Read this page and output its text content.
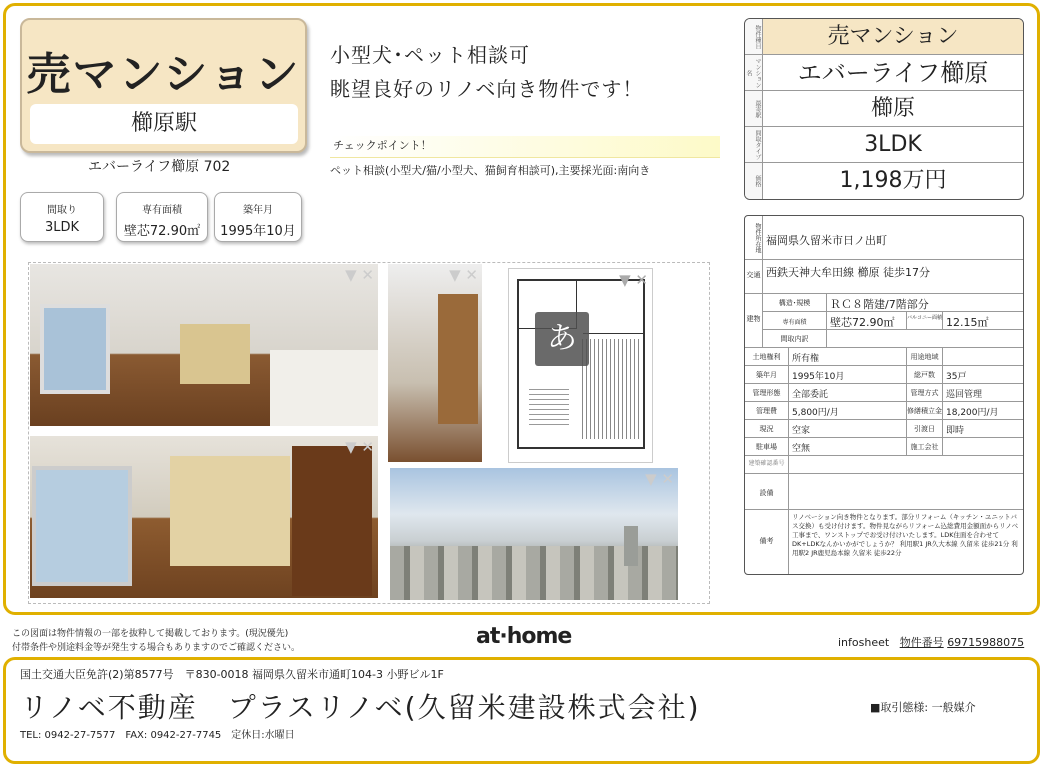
売マンション
櫛原駅
エバーライフ櫛原 702
間取り
3LDK
専有面積
壁芯72.90㎡
築年月
1995年10月
小型犬･ペット相談可
眺望良好のリノベ向き物件です！
チェックポイント！
ペット相談(小型犬/猫/小型犬、猫飼育相談可),主要採光面:南向き
▼ ✕
▼ ✕
▼ ✕	▼ ✕
あ
▼ ✕
物件種目	売マンション
マンション名	エバーライフ櫛原
最寄駅	櫛原
間取タイプ	3LDK
価格	1,198万円
物件所在地 福岡県久留米市日ノ出町
交通 西鉄天神大牟田線 櫛原 徒歩17分
建物
構造･規模	ＲＣ８階建/7階部分
専有面積	壁芯72.90㎡	バルコニー面積 12.15㎡
間取内訳
土地権利	所有権	用途地域
築年月	1995年10月	総戸数	35戸
管理形態	全部委託	管理方式 巡回管理
管理費	5,800円/月	修繕積立金 18,200円/月
現況	空家	引渡日	即時
駐車場	空無	施工会社
建築確認番号
設備
備考
リノベーション向き物件となります。部分リフォーム（キッチン・ユニットバス交換）も受け付けます。物件見ながらリフォーム込総費用金額面からリノベ工事まで、ワンストップでお受け付けいたします。LDK住面を合わせてDK+LDKなんかいかがでしょうか？ 利用駅1 JR久大本線 久留米 徒歩21分 利用駅2 JR鹿児島本線 久留米 徒歩22分
この図面は物件情報の一部を抜粋して掲載しております。(現況優先)
付帯条件や別途料金等が発生する場合もありますのでご確認ください。	at·home	infosheet 物件番号 69715988075
国土交通大臣免許(2)第8577号　〒830-0018 福岡県久留米市通町104-3 小野ビル1F
リノベ不動産　プラスリノベ(久留米建設株式会社)
TEL: 0942-27-7577　FAX: 0942-27-7745　定休日:水曜日
■取引態様: 一般媒介
